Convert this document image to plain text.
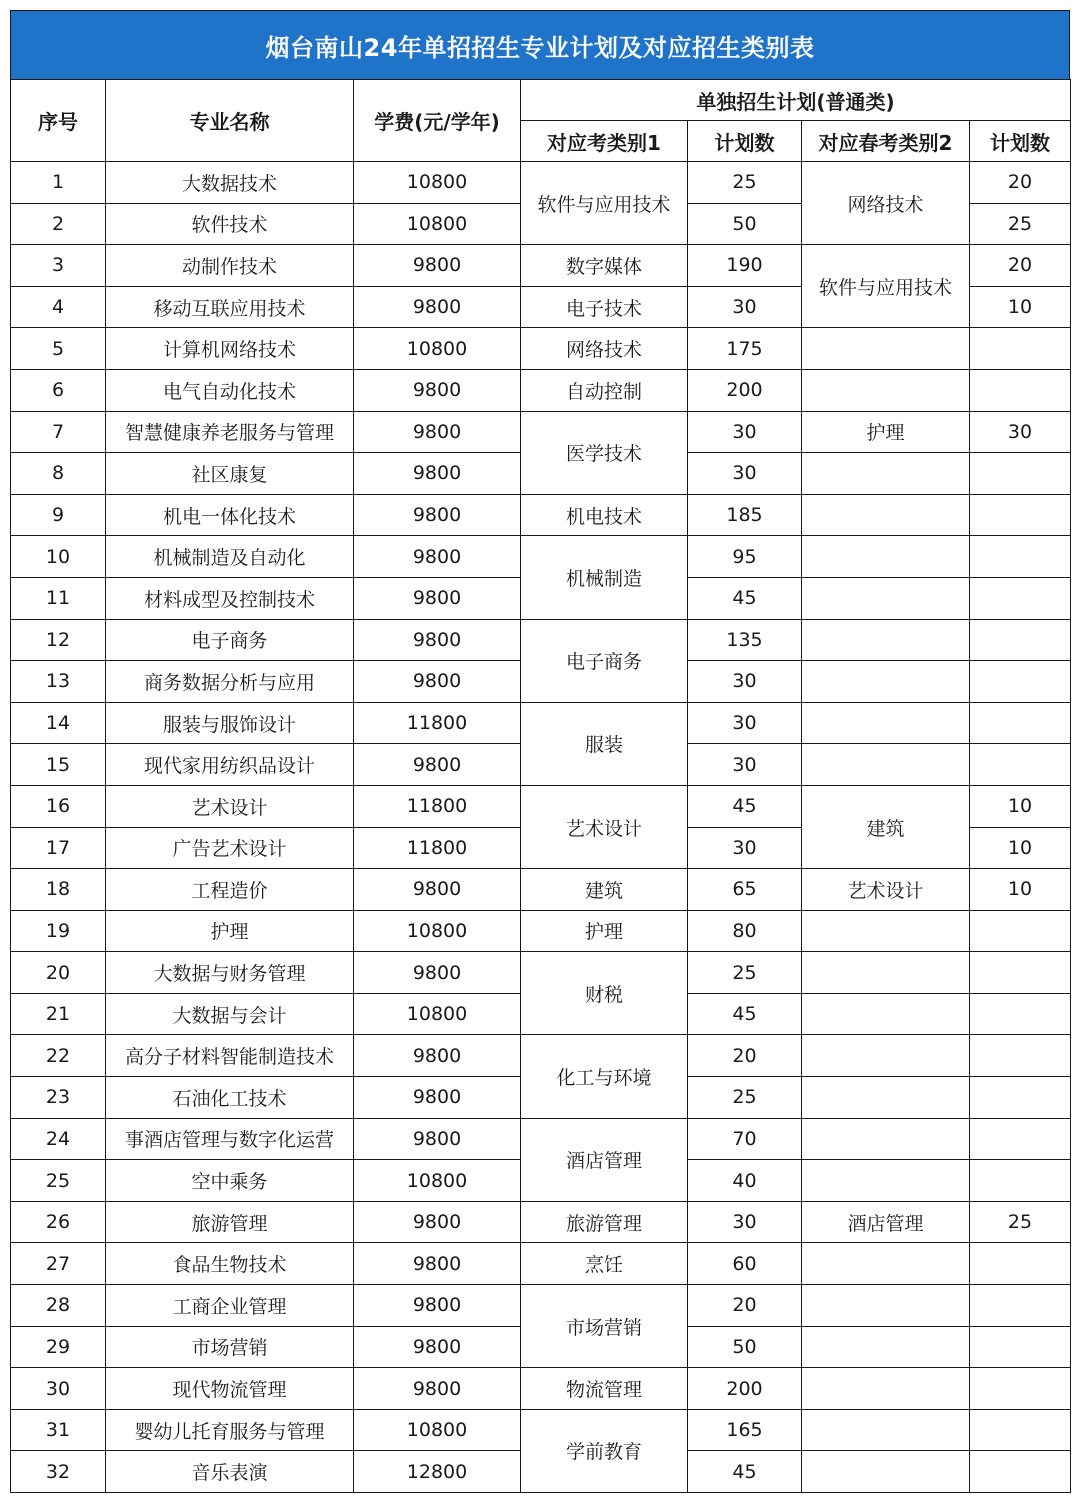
烟台南山24年单招招生专业计划及对应招生类别表
序号	专业名称	学费(元/学年)	单独招生计划(普通类)			
			对应考类别1	计划数	对应春考类别2	计划数
1	大数据技术	10800	软件与应用技术	25	网络技术	20
2	软件技术	10800		50		25
3	动制作技术	9800	数字媒体	190	软件与应用技术	20
4	移动互联应用技术	9800	电子技术	30		10
5	计算机网络技术	10800	网络技术	175		
6	电气自动化技术	9800	自动控制	200		
7	智慧健康养老服务与管理	9800	医学技术	30	护理	30
8	社区康复	9800		30		
9	机电一体化技术	9800	机电技术	185		
10	机械制造及自动化	9800	机械制造	95		
11	材料成型及控制技术	9800		45		
12	电子商务	9800	电子商务	135		
13	商务数据分析与应用	9800		30		
14	服装与服饰设计	11800	服装	30		
15	现代家用纺织品设计	9800		30		
16	艺术设计	11800	艺术设计	45	建筑	10
17	广告艺术设计	11800		30		10
18	工程造价	9800	建筑	65	艺术设计	10
19	护理	10800	护理	80		
20	大数据与财务管理	9800	财税	25		
21	大数据与会计	10800		45		
22	高分子材料智能制造技术	9800	化工与环境	20		
23	石油化工技术	9800		25		
24	事酒店管理与数字化运营	9800	酒店管理	70		
25	空中乘务	10800		40		
26	旅游管理	9800	旅游管理	30	酒店管理	25
27	食品生物技术	9800	烹饪	60		
28	工商企业管理	9800	市场营销	20		
29	市场营销	9800		50		
30	现代物流管理	9800	物流管理	200		
31	婴幼儿托育服务与管理	10800	学前教育	165		
32	音乐表演	12800		45		
